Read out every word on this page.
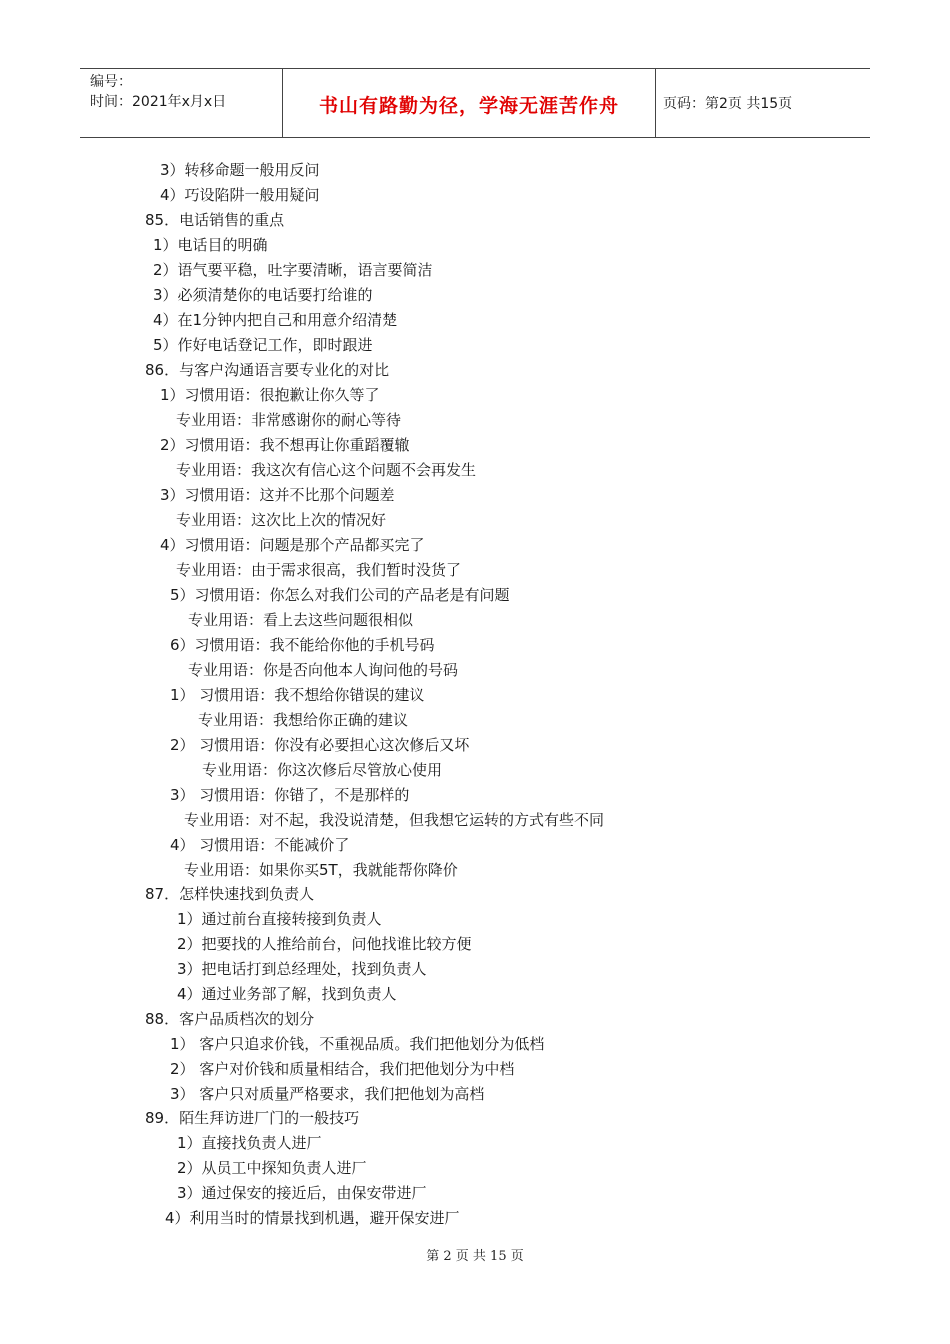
编号：
时间：2021年x月x日	书山有路勤为径，学海无涯苦作舟	页码：第2页 共15页
3）转移命题一般用反问
4）巧设陷阱一般用疑问
85．电话销售的重点
1）电话目的明确
2）语气要平稳，吐字要清晰，语言要简洁
3）必须清楚你的电话要打给谁的
4）在1分钟内把自己和用意介绍清楚
5）作好电话登记工作，即时跟进
86．与客户沟通语言要专业化的对比
1）习惯用语：很抱歉让你久等了
专业用语：非常感谢你的耐心等待
2）习惯用语：我不想再让你重蹈覆辙
专业用语：我这次有信心这个问题不会再发生
3）习惯用语：这并不比那个问题差
专业用语：这次比上次的情况好
4）习惯用语：问题是那个产品都买完了
专业用语：由于需求很高，我们暂时没货了
5）习惯用语：你怎么对我们公司的产品老是有问题
专业用语：看上去这些问题很相似
6）习惯用语：我不能给你他的手机号码
专业用语：你是否向他本人询问他的号码
1） 习惯用语：我不想给你错误的建议
专业用语：我想给你正确的建议
2） 习惯用语：你没有必要担心这次修后又坏
专业用语：你这次修后尽管放心使用
3） 习惯用语：你错了，不是那样的
专业用语：对不起，我没说清楚，但我想它运转的方式有些不同
4） 习惯用语：不能减价了
专业用语：如果你买5T，我就能帮你降价
87．怎样快速找到负责人
1）通过前台直接转接到负责人
2）把要找的人推给前台，问他找谁比较方便
3）把电话打到总经理处，找到负责人
4）通过业务部了解，找到负责人
88．客户品质档次的划分
1） 客户只追求价钱，不重视品质。我们把他划分为低档
2） 客户对价钱和质量相结合，我们把他划分为中档
3） 客户只对质量严格要求，我们把他划为高档
89．陌生拜访进厂门的一般技巧
1）直接找负责人进厂
2）从员工中探知负责人进厂
3）通过保安的接近后，由保安带进厂
4）利用当时的情景找到机遇，避开保安进厂
第 2 页 共 15 页
